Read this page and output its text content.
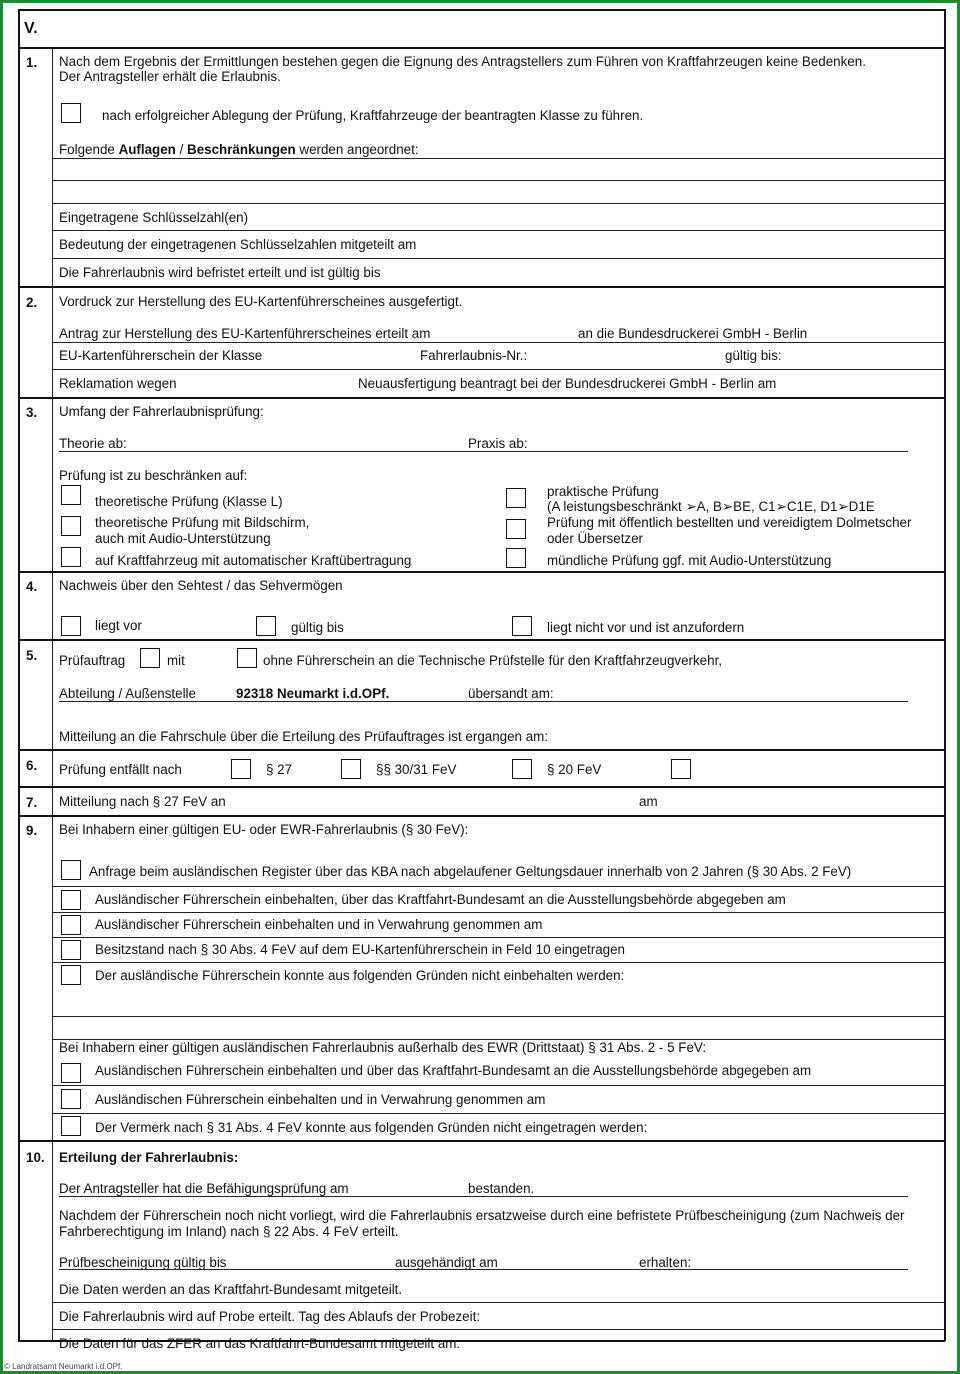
V.
1. Nach dem Ergebnis der Ermittlungen bestehen gegen die Eignung des Antragstellers zum Führen von Kraftfahrzeugen keine Bedenken.
Der Antragsteller erhält die Erlaubnis.
nach erfolgreicher Ablegung der Prüfung, Kraftfahrzeuge der beantragten Klasse zu führen.
Folgende Auflagen / Beschränkungen werden angeordnet:
Eingetragene Schlüsselzahl(en)
Bedeutung der eingetragenen Schlüsselzahlen mitgeteilt am
Die Fahrerlaubnis wird befristet erteilt und ist gültig bis
2. Vordruck zur Herstellung des EU-Kartenführerscheines ausgefertigt.
Antrag zur Herstellung des EU-Kartenführerscheines erteilt am	an die Bundesdruckerei GmbH - Berlin
EU-Kartenführerschein der Klasse	Fahrerlaubnis-Nr.:	gültig bis:
Reklamation wegen	Neuausfertigung beantragt bei der Bundesdruckerei GmbH - Berlin am
3. Umfang der Fahrerlaubnisprüfung:
Theorie ab:	Praxis ab:
Prüfung ist zu beschränken auf:
theoretische Prüfung (Klasse L)
theoretische Prüfung mit Bildschirm,
auch mit Audio-Unterstützung
auf Kraftfahrzeug mit automatischer Kraftübertragung
praktische Prüfung
(A leistungsbeschränkt ➢A, B➢BE, C1➢C1E, D1➢D1E
Prüfung mit öffentlich bestellten und vereidigtem Dolmetscher
oder Übersetzer
mündliche Prüfung ggf. mit Audio-Unterstützung
4. Nachweis über den Sehtest / das Sehvermögen
liegt vor	gültig bis	liegt nicht vor und ist anzufordern
5. Prüfauftrag	mit	ohne Führerschein an die Technische Prüfstelle für den Kraftfahrzeugverkehr,
Abteilung / Außenstelle	92318 Neumarkt i.d.OPf.	übersandt am:
Mitteilung an die Fahrschule über die Erteilung des Prüfauftrages ist ergangen am:
6. Prüfung entfällt nach	§ 27	§§ 30/31 FeV	§ 20 FeV
7. Mitteilung nach § 27 FeV an	am
9. Bei Inhabern einer gültigen EU- oder EWR-Fahrerlaubnis (§ 30 FeV):
Anfrage beim ausländischen Register über das KBA nach abgelaufener Geltungsdauer innerhalb von 2 Jahren (§ 30 Abs. 2 FeV)
Ausländischer Führerschein einbehalten, über das Kraftfahrt-Bundesamt an die Ausstellungsbehörde abgegeben am
Ausländischer Führerschein einbehalten und in Verwahrung genommen am
Besitzstand nach § 30 Abs. 4 FeV auf dem EU-Kartenführerschein in Feld 10 eingetragen
Der ausländische Führerschein konnte aus folgenden Gründen nicht einbehalten werden:
Bei Inhabern einer gültigen ausländischen Fahrerlaubnis außerhalb des EWR (Drittstaat) § 31 Abs. 2 - 5 FeV:
Ausländischen Führerschein einbehalten und über das Kraftfahrt-Bundesamt an die Ausstellungsbehörde abgegeben am
Ausländischen Führerschein einbehalten und in Verwahrung genommen am
Der Vermerk nach § 31 Abs. 4 FeV konnte aus folgenden Gründen nicht eingetragen werden:
10. Erteilung der Fahrerlaubnis:
Der Antragsteller hat die Befähigungsprüfung am	bestanden.
Nachdem der Führerschein noch nicht vorliegt, wird die Fahrerlaubnis ersatzweise durch eine befristete Prüfbescheinigung (zum Nachweis der
Fahrberechtigung im Inland) nach § 22 Abs. 4 FeV erteilt.
Prüfbescheinigung gültig bis	ausgehändigt am	erhalten:
Die Daten werden an das Kraftfahrt-Bundesamt mitgeteilt.
Die Fahrerlaubnis wird auf Probe erteilt. Tag des Ablaufs der Probezeit:
Die Daten für das ZFER an das Kraftfahrt-Bundesamt mitgeteilt am:
© Landratsamt Neumarkt i.d.OPf.
